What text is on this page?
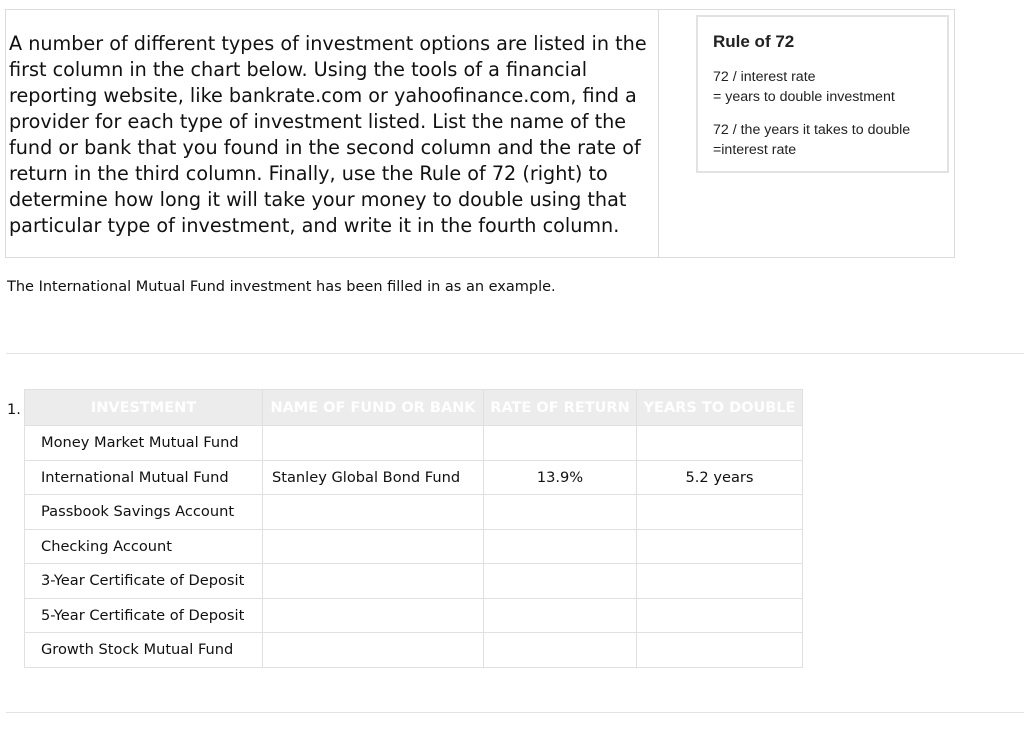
A number of different types of investment options are listed in the first column in the chart below. Using the tools of a financial reporting website, like bankrate.com or yahoofinance.com, find a provider for each type of investment listed. List the name of the fund or bank that you found in the second column and the rate of return in the third column. Finally, use the Rule of 72 (right) to determine how long it will take your money to double using that particular type of investment, and write it in the fourth column.

Rule of 72

72 / interest rate

= years to double investment

72 / the years it takes to double

=interest rate

The International Mutual Fund investment has been filled in as an example.

1.	INVESTMENT	NAME OF FUND OR BANK	RATE OF RETURN	YEARS TO DOUBLE
Money Market Mutual Fund			
International Mutual Fund	Stanley Global Bond Fund	13.9%	5.2 years
Passbook Savings Account			
Checking Account			
3-Year Certificate of Deposit			
5-Year Certificate of Deposit			
Growth Stock Mutual Fund			
